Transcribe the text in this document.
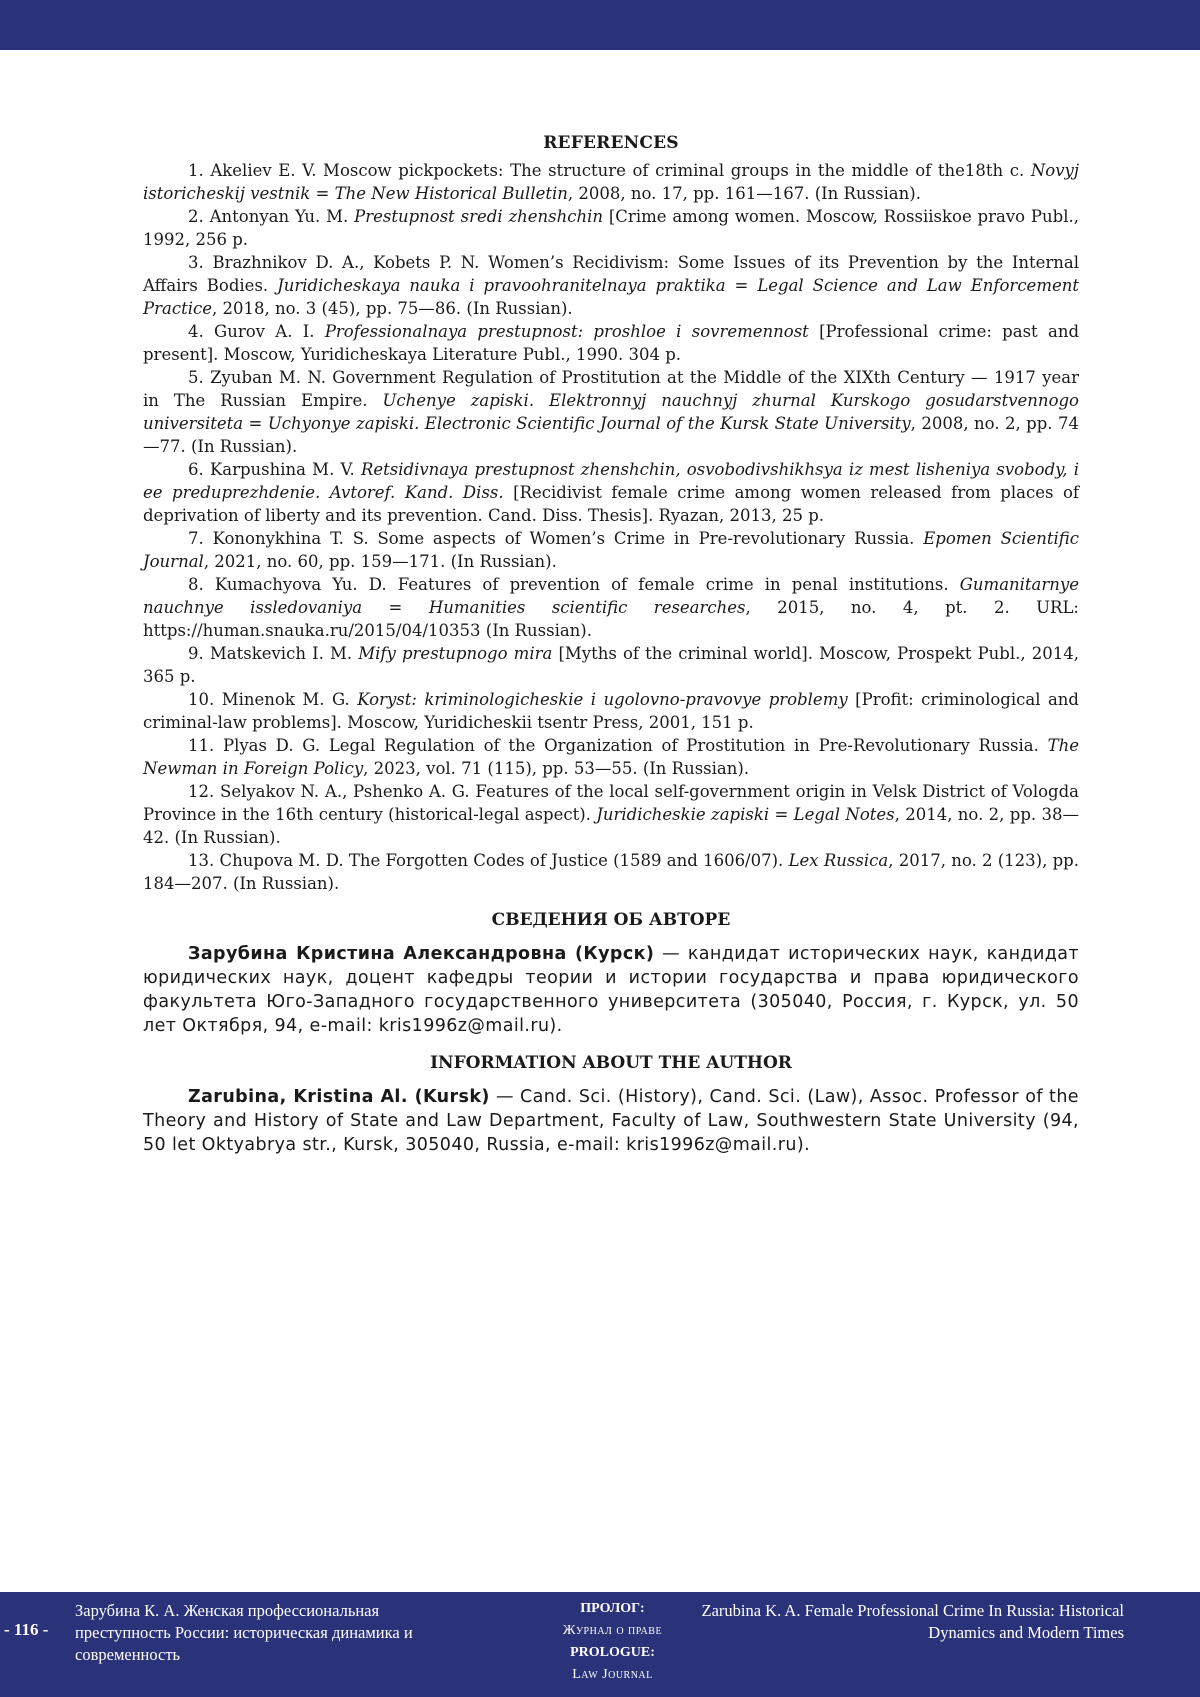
REFERENCES

1. Akeliev E. V. Moscow pickpockets: The structure of criminal groups in the middle of the18th c. Novyj istoricheskij vestnik = The New Historical Bulletin, 2008, no. 17, pp. 161—167. (In Russian).

2. Antonyan Yu. M. Prestupnost sredi zhenshchin [Crime among women. Moscow, Rossiiskoe pravo Publ., 1992, 256 p.

3. Brazhnikov D. A., Kobets P. N. Women’s Recidivism: Some Issues of its Prevention by the Internal Affairs Bodies. Juridicheskaya nauka i pravoohranitelnaya praktika = Legal Science and Law Enforcement Practice, 2018, no. 3 (45), pp. 75—86. (In Russian).

4. Gurov A. I. Professionalnaya prestupnost: proshloe i sovremennost [Professional crime: past and present]. Moscow, Yuridicheskaya Literature Publ., 1990. 304 p.

5. Zyuban M. N. Government Regulation of Prostitution at the Middle of the XIXth Century — 1917 year in The Russian Empire. Uchenye zapiski. Elektronnyj nauchnyj zhurnal Kurskogo gosudarstvennogo universiteta = Uchyonye zapiski. Electronic Scientific Journal of the Kursk State University, 2008, no. 2, pp. 74—77. (In Russian).

6. Karpushina M. V. Retsidivnaya prestupnost zhenshchin, osvobodivshikhsya iz mest lisheniya svobody, i ee preduprezhdenie. Avtoref. Kand. Diss. [Recidivist female crime among women released from places of deprivation of liberty and its prevention. Cand. Diss. Thesis]. Ryazan, 2013, 25 p.

7. Kononykhina T. S. Some aspects of Women’s Crime in Pre-revolutionary Russia. Epomen Scientific Journal, 2021, no. 60, pp. 159—171. (In Russian).

8. Kumachyova Yu. D. Features of prevention of female crime in penal institutions. Gumanitarnye nauchnye issledovaniya = Humanities scientific researches, 2015, no. 4, pt. 2. URL: https://human.snauka.ru/2015/04/10353 (In Russian).

9. Matskevich I. M. Mify prestupnogo mira [Myths of the criminal world]. Moscow, Prospekt Publ., 2014, 365 p.

10. Minenok M. G. Koryst: kriminologicheskie i ugolovno-pravovye problemy [Profit: criminological and criminal-law problems]. Moscow, Yuridicheskii tsentr Press, 2001, 151 p.

11. Plyas D. G. Legal Regulation of the Organization of Prostitution in Pre-Revolutionary Russia. The Newman in Foreign Policy, 2023, vol. 71 (115), pp. 53—55. (In Russian).

12. Selyakov N. A., Pshenko A. G. Features of the local self-government origin in Velsk District of Vologda Province in the 16th century (historical-legal aspect). Juridicheskie zapiski = Legal Notes, 2014, no. 2, pp. 38—42. (In Russian).

13. Chupova M. D. The Forgotten Codes of Justice (1589 and 1606/07). Lex Russica, 2017, no. 2 (123), pp. 184—207. (In Russian).

СВЕДЕНИЯ ОБ АВТОРЕ

Зарубина Кристина Александровна (Курск) — кандидат исторических наук, кандидат юридических наук, доцент кафедры теории и истории государства и права юридического факультета Юго-Западного государственного университета (305040, Россия, г. Курск, ул. 50 лет Октября, 94, e-mail: kris1996z@mail.ru).

INFORMATION ABOUT THE AUTHOR

Zarubina, Kristina Al. (Kursk) — Cand. Sci. (History), Cand. Sci. (Law), Assoc. Professor of the Theory and History of State and Law Department, Faculty of Law, Southwestern State University (94, 50 let Oktyabrya str., Kursk, 305040, Russia, e-mail: kris1996z@mail.ru).

- 116 -
Зарубина К. А. Женская профессиональная преступность России: историческая динамика и современность
ПРОЛОГ:
Журнал о праве
PROLOGUE:
Law Journal
Zarubina K. A. Female Professional Crime In Russia: Historical Dynamics and Modern Times
